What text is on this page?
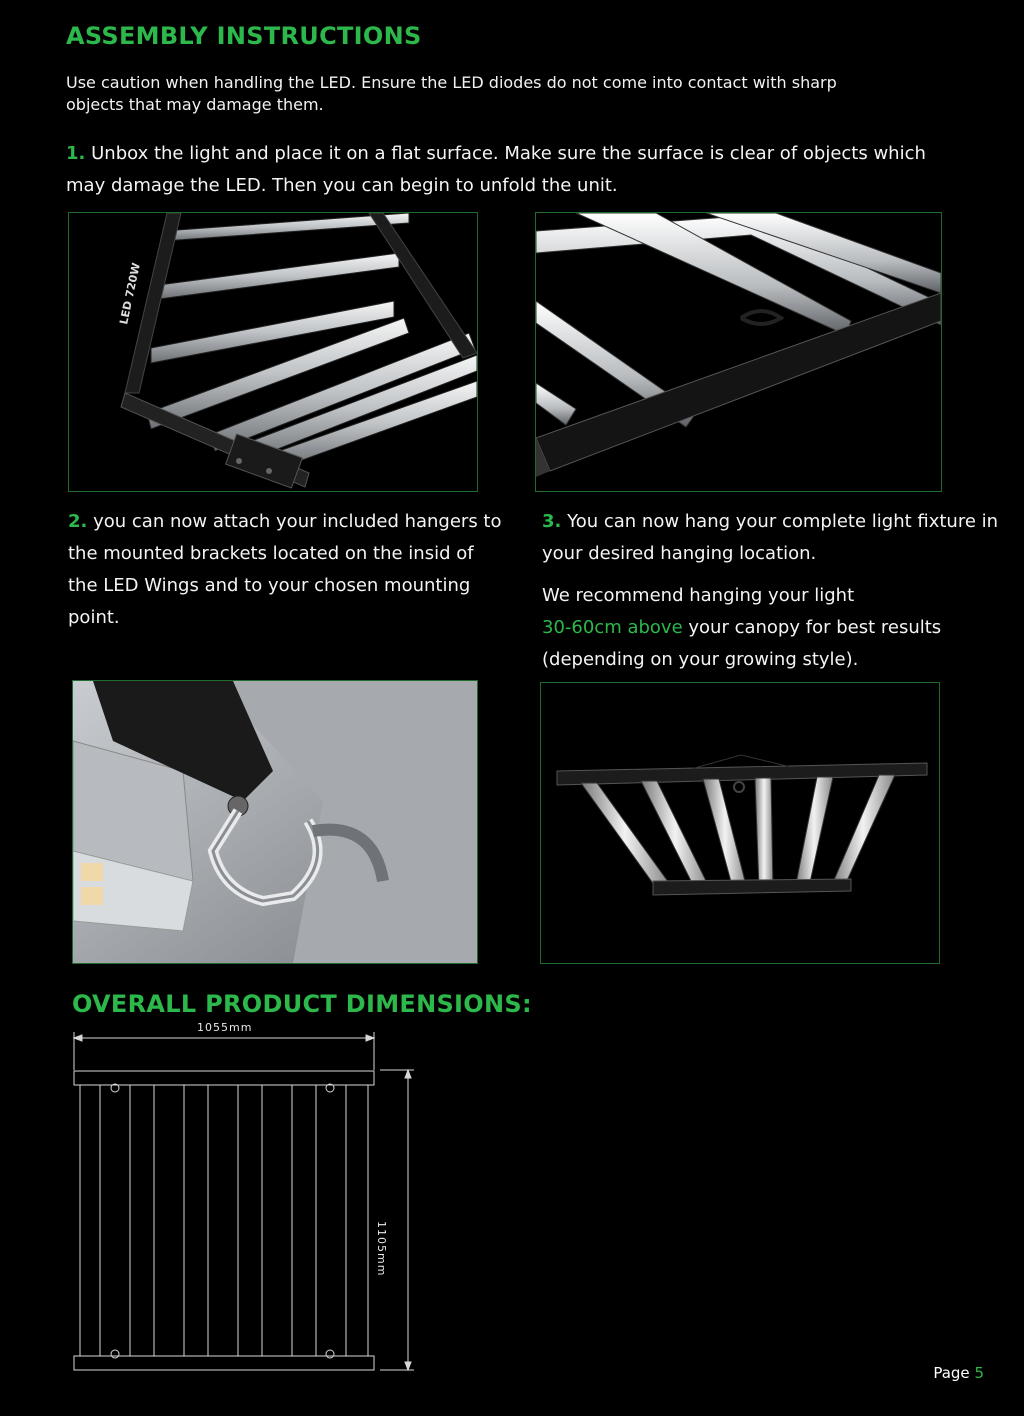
ASSEMBLY INSTRUCTIONS
Use caution when handling the LED. Ensure the LED diodes do not come into contact with sharp objects that may damage them.
1. Unbox the light and place it on a flat surface. Make sure the surface is clear of objects which may damage the LED. Then you can begin to unfold the unit.
LED 720W
2. you can now attach your included hangers to the mounted brackets located on the insid of the LED Wings and to your chosen mounting point.
3. You can now hang your complete light fixture in your desired hanging location.
We recommend hanging your light
30-60cm above your canopy for best results (depending on your growing style).
OVERALL PRODUCT DIMENSIONS:
1055mm
1105mm
Page 5
